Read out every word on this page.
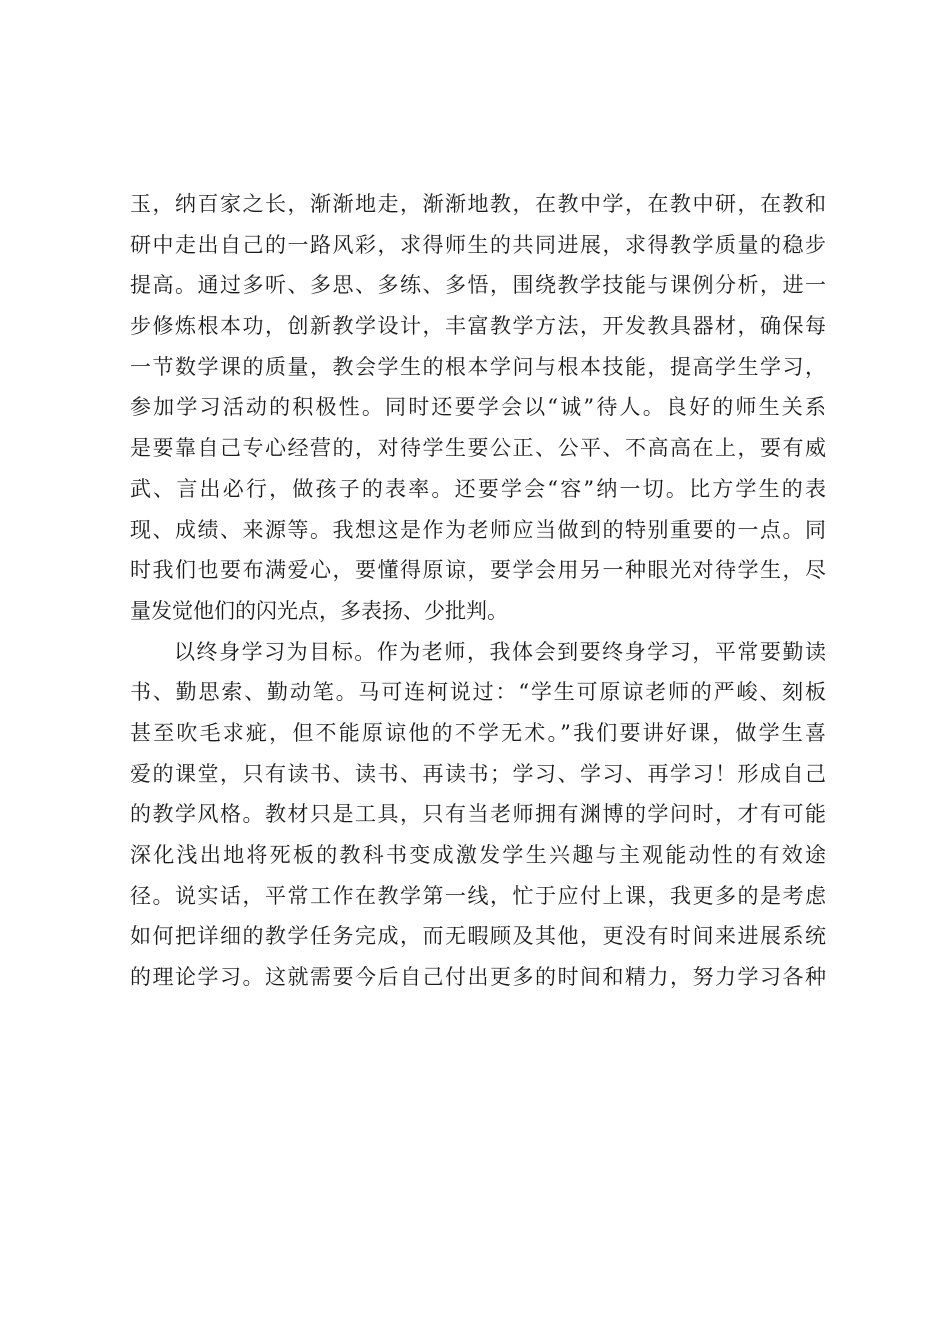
玉，纳百家之长，渐渐地走，渐渐地教，在教中学，在教中研，在教和
研中走出自己的一路风彩，求得师生的共同进展，求得教学质量的稳步
提高。通过多听、多思、多练、多悟，围绕教学技能与课例分析，进一
步修炼根本功，创新教学设计，丰富教学方法，开发教具器材，确保每
一节数学课的质量，教会学生的根本学问与根本技能，提高学生学习，
参加学习活动的积极性。同时还要学会以“诚”待人。良好的师生关系
是要靠自己专心经营的，对待学生要公正、公平、不高高在上，要有威
武、言出必行，做孩子的表率。还要学会“容”纳一切。比方学生的表
现、成绩、来源等。我想这是作为老师应当做到的特别重要的一点。同
时我们也要布满爱心，要懂得原谅，要学会用另一种眼光对待学生，尽
量发觉他们的闪光点，多表扬、少批判。
以终身学习为目标。作为老师，我体会到要终身学习，平常要勤读
书、勤思索、勤动笔。马可连柯说过：“学生可原谅老师的严峻、刻板
甚至吹毛求疵，但不能原谅他的不学无术。”我们要讲好课，做学生喜
爱的课堂，只有读书、读书、再读书；学习、学习、再学习！形成自己
的教学风格。教材只是工具，只有当老师拥有渊博的学问时，才有可能
深化浅出地将死板的教科书变成激发学生兴趣与主观能动性的有效途
径。说实话，平常工作在教学第一线，忙于应付上课，我更多的是考虑
如何把详细的教学任务完成，而无暇顾及其他，更没有时间来进展系统
的理论学习。这就需要今后自己付出更多的时间和精力，努力学习各种
